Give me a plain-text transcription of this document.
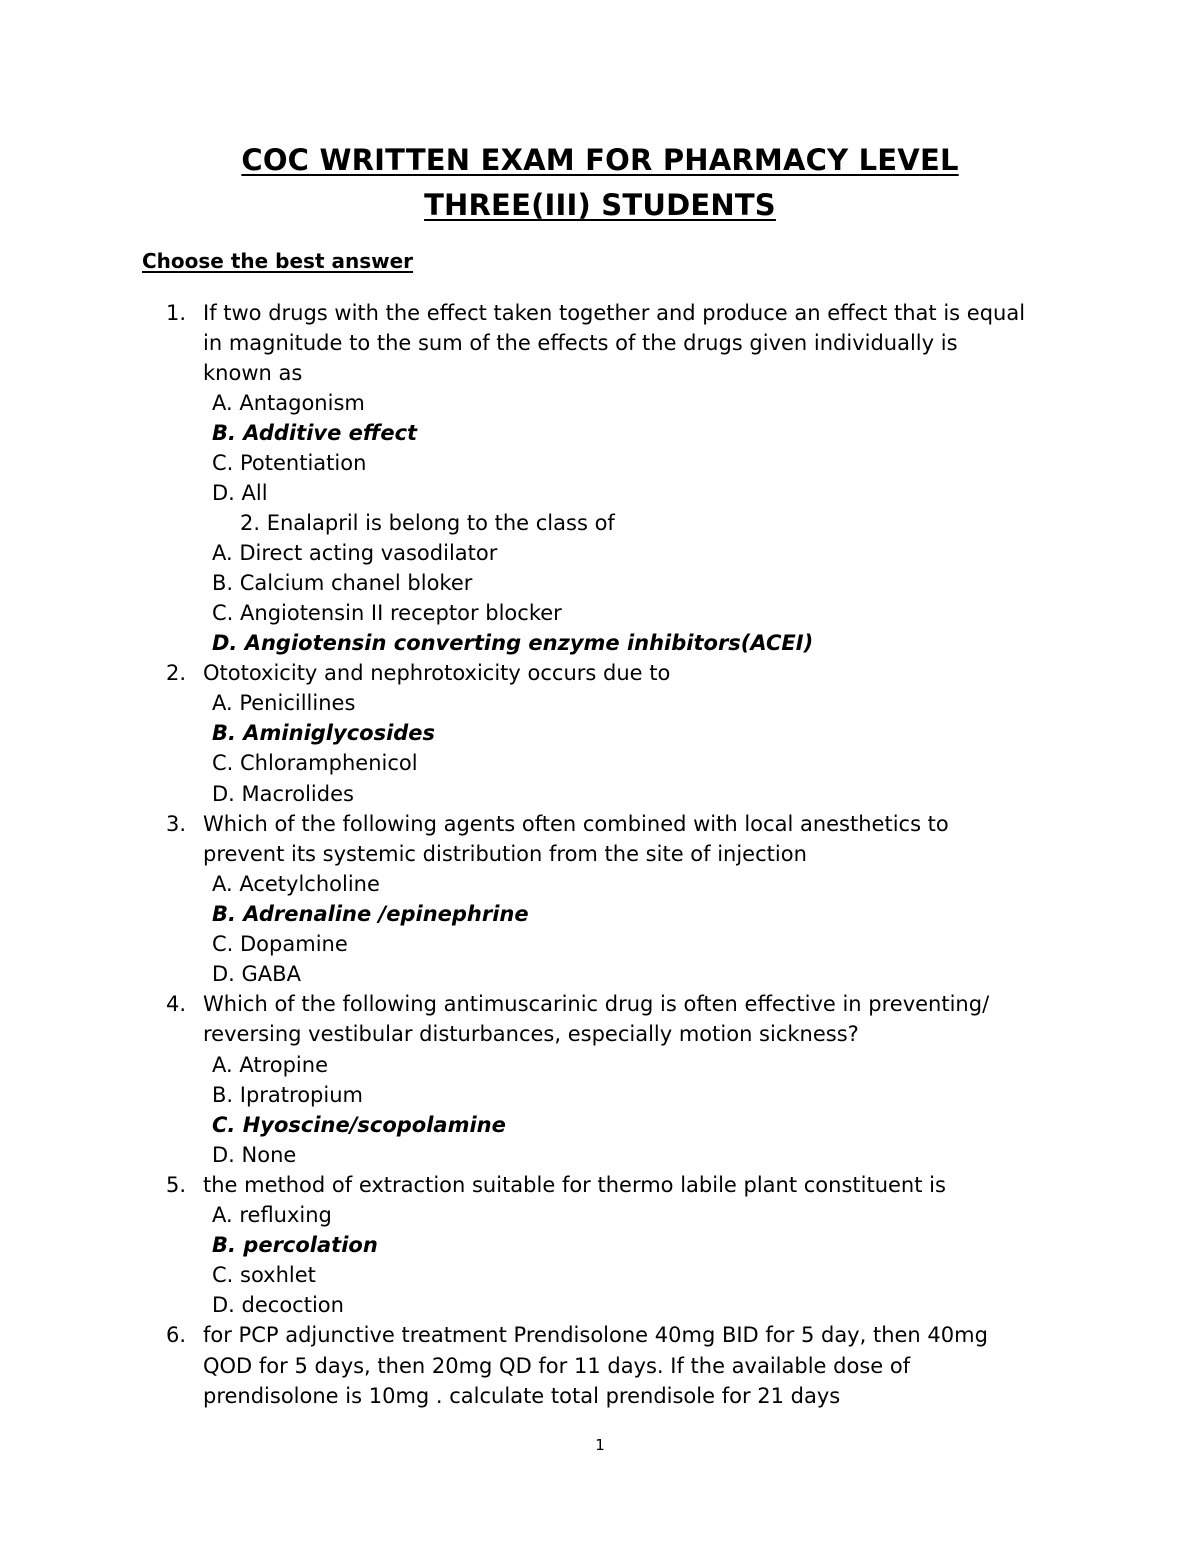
COC WRITTEN EXAM FOR PHARMACY LEVEL
THREE(III) STUDENTS
Choose the best answer
1. If two drugs with the effect taken together and produce an effect that is equal
in magnitude to the sum of the effects of the drugs given individually is
known as
A. Antagonism
B. Additive effect
C. Potentiation
D. All
2. Enalapril is belong to the class of
A. Direct acting vasodilator
B. Calcium chanel bloker
C. Angiotensin II receptor blocker
D. Angiotensin converting enzyme inhibitors(ACEI)
2. Ototoxicity and nephrotoxicity occurs due to
A. Penicillines
B. Aminiglycosides
C. Chloramphenicol
D. Macrolides
3. Which of the following agents often combined with local anesthetics to
prevent its systemic distribution from the site of injection
A. Acetylcholine
B. Adrenaline /epinephrine
C. Dopamine
D. GABA
4. Which of the following antimuscarinic drug is often effective in preventing/
reversing vestibular disturbances, especially motion sickness?
A. Atropine
B. Ipratropium
C. Hyoscine/scopolamine
D. None
5. the method of extraction suitable for thermo labile plant constituent is
A. refluxing
B. percolation
C. soxhlet
D. decoction
6. for PCP adjunctive treatment Prendisolone 40mg BID for 5 day, then 40mg
QOD for 5 days, then 20mg QD for 11 days. If the available dose of
prendisolone is 10mg . calculate total prendisole for 21 days
1
